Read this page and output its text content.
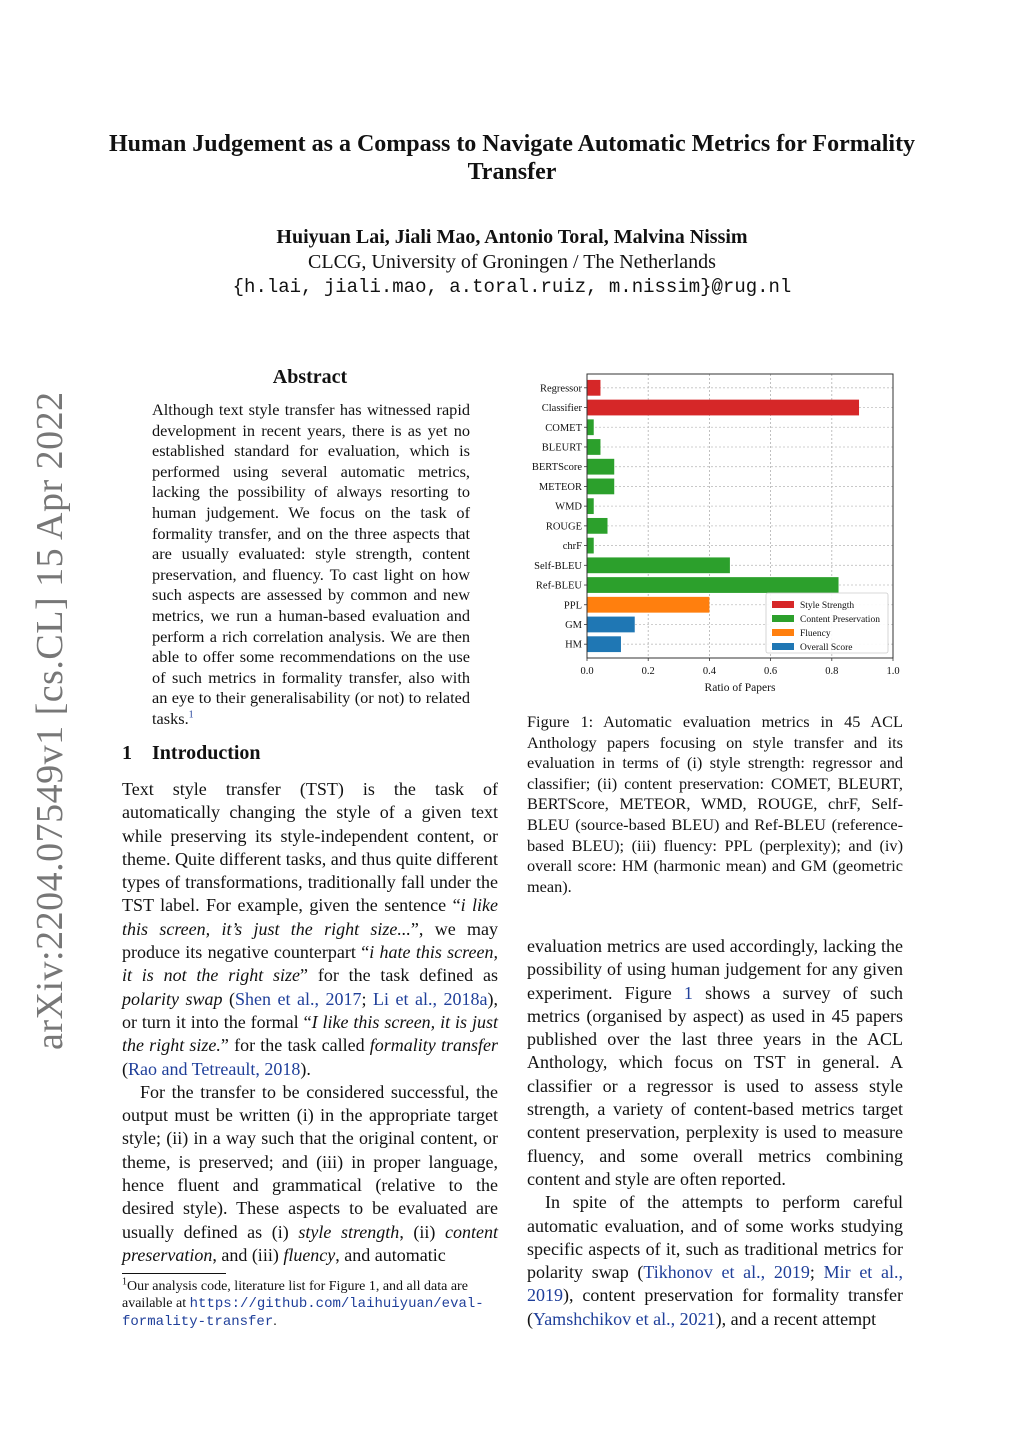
arXiv:2204.07549v1 [cs.CL] 15 Apr 2022
Human Judgement as a Compass to Navigate Automatic Metrics for Formality Transfer
Huiyuan Lai, Jiali Mao, Antonio Toral, Malvina Nissim
CLCG, University of Groningen / The Netherlands
{h.lai, jiali.mao, a.toral.ruiz, m.nissim}@rug.nl
Abstract
Although text style transfer has witnessed rapid development in recent years, there is as yet no established standard for evaluation, which is performed using several automatic metrics, lacking the possibility of always resorting to human judgement. We focus on the task of formality transfer, and on the three aspects that are usually evaluated: style strength, content preservation, and fluency. To cast light on how such aspects are assessed by common and new metrics, we run a human-based evaluation and perform a rich correlation analysis. We are then able to offer some recommendations on the use of such metrics in formality transfer, also with an eye to their generalisability (or not) to related tasks.$^1$
1 Introduction

Text style transfer (TST) is the task of automatically changing the style of a given text while preserving its style-independent content, or theme. Quite different tasks, and thus quite different types of transformations, traditionally fall under the TST label. For example, given the sentence “i like this screen, it’s just the right size...”, we may produce its negative counterpart “i hate this screen, it is not the right size” for the task defined as polarity swap (Shen et al., 2017; Li et al., 2018a), or turn it into the formal “I like this screen, it is just the right size.” for the task called formality transfer (Rao and Tetreault, 2018).

For the transfer to be considered successful, the output must be written (i) in the appropriate target style; (ii) in a way such that the original content, or theme, is preserved; and (iii) in proper language, hence fluent and grammatical (relative to the desired style). These aspects to be evaluated are usually defined as (i) style strength, (ii) content preservation, and (iii) fluency, and automatic

$^1$Our analysis code, literature list for Figure 1, and all data are available at https://github.com/laihuiyuan/eval-formality-transfer.
Regressor
Classifier
COMET
BLEURT
BERTScore
METEOR
WMD
ROUGE
chrF
Self-BLEU
Ref-BLEU
PPL
GM
HM
0.0	0.2	0.4	0.6	0.8	1.0
Ratio of Papers
Style Strength
Content Preservation
Fluency
Overall Score
Figure 1: Automatic evaluation metrics in 45 ACL Anthology papers focusing on style transfer and its evaluation in terms of (i) style strength: regressor and classifier; (ii) content preservation: COMET, BLEURT, BERTScore, METEOR, WMD, ROUGE, chrF, Self-BLEU (source-based BLEU) and Ref-BLEU (reference-based BLEU); (iii) fluency: PPL (perplexity); and (iv) overall score: HM (harmonic mean) and GM (geometric mean).

evaluation metrics are used accordingly, lacking the possibility of using human judgement for any given experiment. Figure 1 shows a survey of such metrics (organised by aspect) as used in 45 papers published over the last three years in the ACL Anthology, which focus on TST in general. A classifier or a regressor is used to assess style strength, a variety of content-based metrics target content preservation, perplexity is used to measure fluency, and some overall metrics combining content and style are often reported.

In spite of the attempts to perform careful automatic evaluation, and of some works studying specific aspects of it, such as traditional metrics for polarity swap (Tikhonov et al., 2019; Mir et al., 2019), content preservation for formality transfer (Yamshchikov et al., 2021), and a recent attempt
